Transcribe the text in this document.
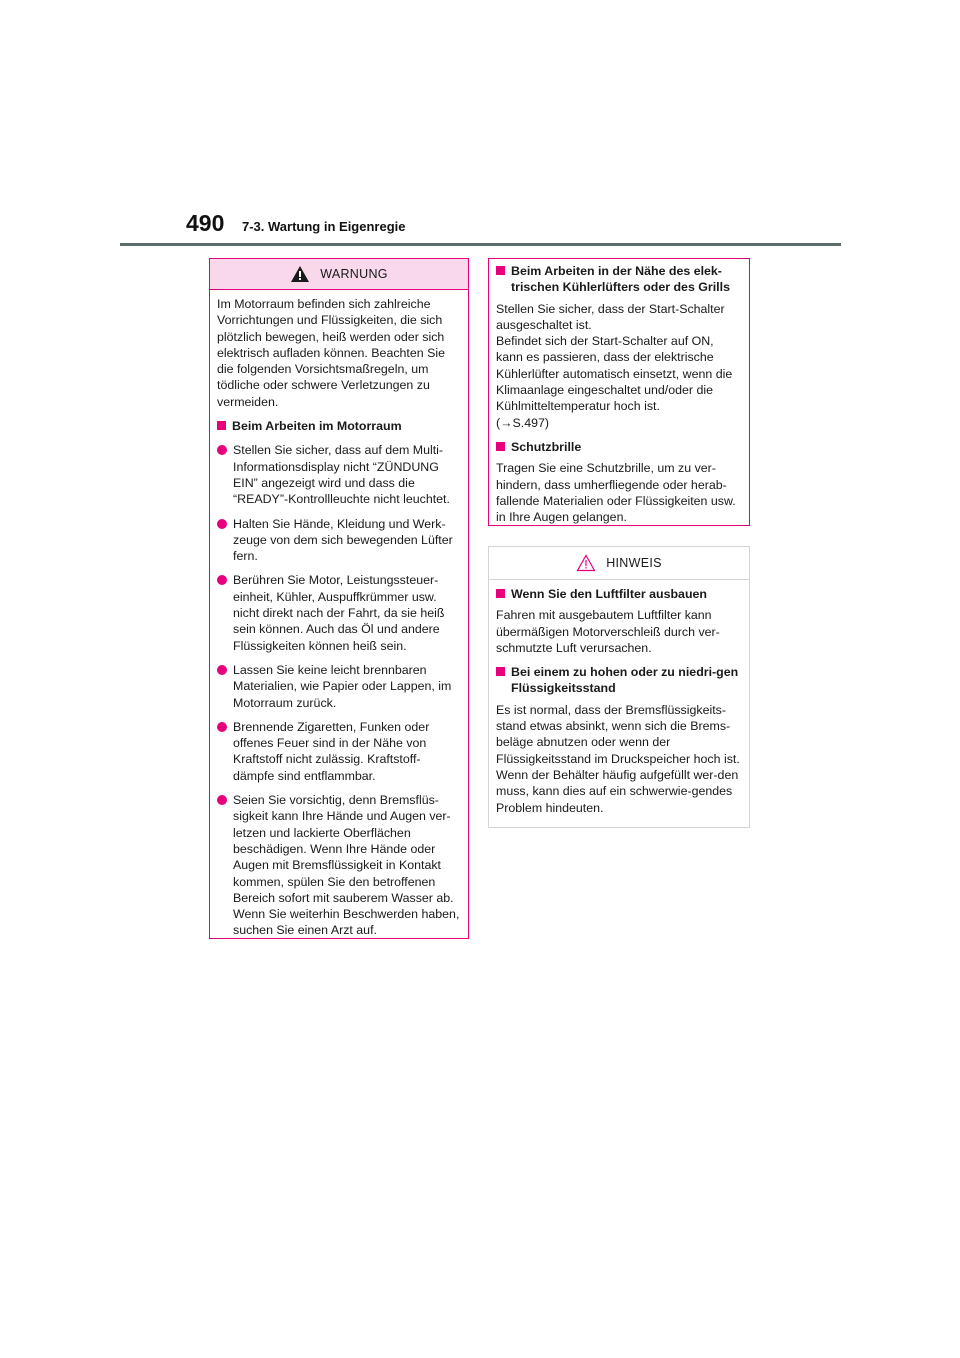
490 7-3. Wartung in Eigenregie
WARNUNG

Im Motorraum befinden sich zahlreiche Vorrichtungen und Flüssigkeiten, die sich plötzlich bewegen, heiß werden oder sich elektrisch aufladen können. Beachten Sie die folgenden Vorsichtsmaßregeln, um tödliche oder schwere Verletzungen zu vermeiden.

Beim Arbeiten im Motorraum
Stellen Sie sicher, dass auf dem Multi-Informationsdisplay nicht “ZÜNDUNG EIN” angezeigt wird und dass die “READY”-Kontrollleuchte nicht leuchtet.
Halten Sie Hände, Kleidung und Werk-zeuge von dem sich bewegenden Lüfter fern.
Berühren Sie Motor, Leistungssteuer-einheit, Kühler, Auspuffkrümmer usw. nicht direkt nach der Fahrt, da sie heiß sein können. Auch das Öl und andere Flüssigkeiten können heiß sein.
Lassen Sie keine leicht brennbaren Materialien, wie Papier oder Lappen, im Motorraum zurück.
Brennende Zigaretten, Funken oder offenes Feuer sind in der Nähe von Kraftstoff nicht zulässig. Kraftstoff-dämpfe sind entflammbar.
Seien Sie vorsichtig, denn Bremsflüs-sigkeit kann Ihre Hände und Augen ver-letzen und lackierte Oberflächen beschädigen. Wenn Ihre Hände oder Augen mit Bremsflüssigkeit in Kontakt kommen, spülen Sie den betroffenen Bereich sofort mit sauberem Wasser ab. Wenn Sie weiterhin Beschwerden haben, suchen Sie einen Arzt auf.
Beim Arbeiten in der Nähe des elek-trischen Kühlerlüfters oder des Grills
Stellen Sie sicher, dass der Start-Schalter ausgeschaltet ist.
Befindet sich der Start-Schalter auf ON, kann es passieren, dass der elektrische Kühlerlüfter automatisch einsetzt, wenn die Klimaanlage eingeschaltet und/oder die Kühlmitteltemperatur hoch ist.

(→S.497)

Schutzbrille

Tragen Sie eine Schutzbrille, um zu ver-hindern, dass umherfliegende oder herab-fallende Materialien oder Flüssigkeiten usw. in Ihre Augen gelangen.

HINWEIS
Wenn Sie den Luftfilter ausbauen

Fahren mit ausgebautem Luftfilter kann übermäßigen Motorverschleiß durch ver-schmutzte Luft verursachen.

Bei einem zu hohen oder zu niedri-gen Flüssigkeitsstand
Es ist normal, dass der Bremsflüssigkeits-stand etwas absinkt, wenn sich die Brems-beläge abnutzen oder wenn der Flüssigkeitsstand im Druckspeicher hoch ist.
Wenn der Behälter häufig aufgefüllt wer-den muss, kann dies auf ein schwerwie-gendes Problem hindeuten.
